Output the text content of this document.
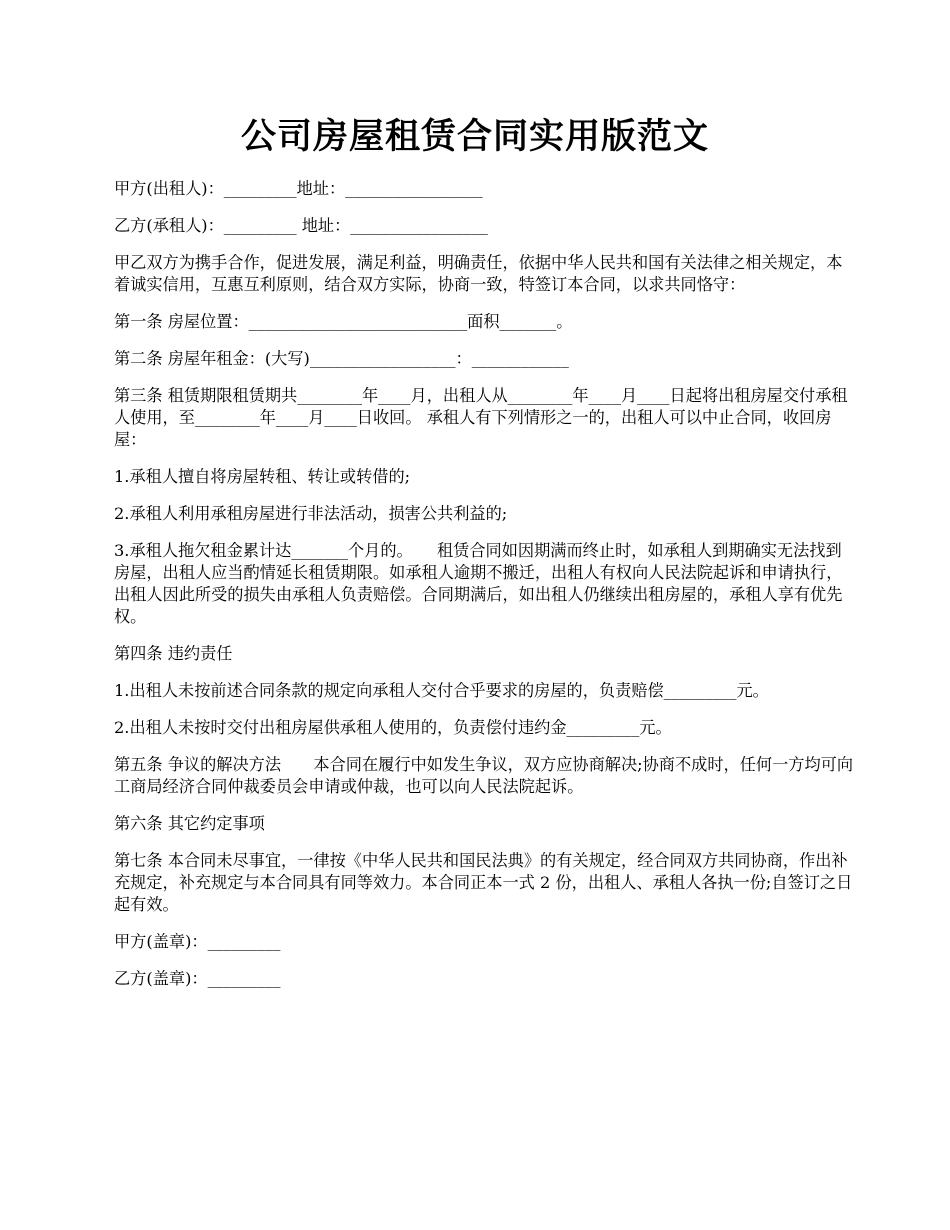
公司房屋租赁合同实用版范文

甲方(出租人)：_________地址：_________________

乙方(承租人)：_________ 地址：_________________

甲乙双方为携手合作，促进发展，满足利益，明确责任，依据中华人民共和国有关法律之相关规定，本着诚实信用，互惠互利原则，结合双方实际，协商一致，特签订本合同，以求共同恪守：

第一条 房屋位置：___________________________面积_______。

第二条 房屋年租金：(大写)__________________：____________

第三条 租赁期限租赁期共________年____月，出租人从________年____月____日起将出租房屋交付承租人使用，至________年____月____日收回。 承租人有下列情形之一的，出租人可以中止合同，收回房屋：

1.承租人擅自将房屋转租、转让或转借的;

2.承租人利用承租房屋进行非法活动，损害公共利益的;

3.承租人拖欠租金累计达_______个月的。　　租赁合同如因期满而终止时，如承租人到期确实无法找到房屋，出租人应当酌情延长租赁期限。如承租人逾期不搬迁，出租人有权向人民法院起诉和申请执行，出租人因此所受的损失由承租人负责赔偿。合同期满后，如出租人仍继续出租房屋的，承租人享有优先权。

第四条 违约责任

1.出租人未按前述合同条款的规定向承租人交付合乎要求的房屋的，负责赔偿_________元。

2.出租人未按时交付出租房屋供承租人使用的，负责偿付违约金_________元。

第五条 争议的解决方法　　本合同在履行中如发生争议，双方应协商解决;协商不成时，任何一方均可向工商局经济合同仲裁委员会申请或仲裁，也可以向人民法院起诉。

第六条 其它约定事项

第七条 本合同未尽事宜，一律按《中华人民共和国民法典》的有关规定，经合同双方共同协商，作出补充规定，补充规定与本合同具有同等效力。本合同正本一式 2 份，出租人、承租人各执一份;自签订之日起有效。

甲方(盖章)：_________

乙方(盖章)：_________
